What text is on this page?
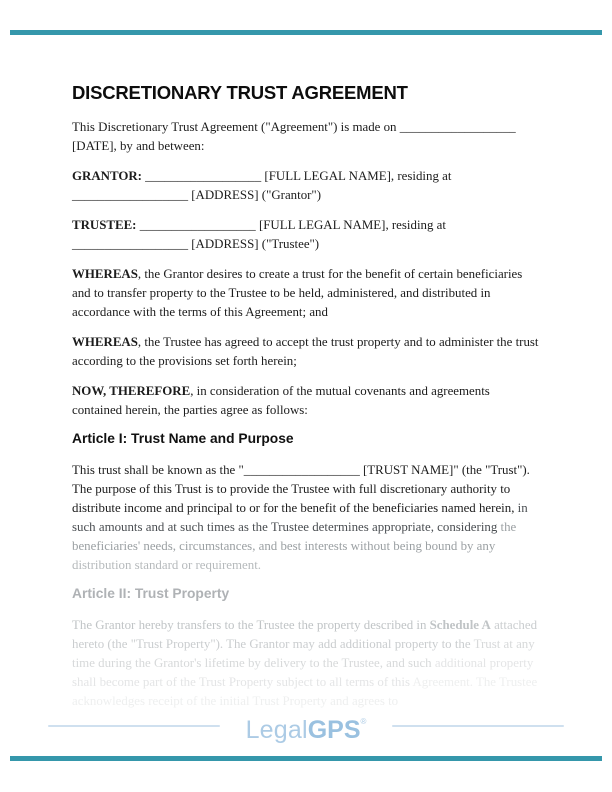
DISCRETIONARY TRUST AGREEMENT

This Discretionary Trust Agreement ("Agreement") is made on __________________ [DATE], by and between:

GRANTOR: __________________ [FULL LEGAL NAME], residing at __________________ [ADDRESS] ("Grantor")

TRUSTEE: __________________ [FULL LEGAL NAME], residing at __________________ [ADDRESS] ("Trustee")

WHEREAS, the Grantor desires to create a trust for the benefit of certain beneficiaries and to transfer property to the Trustee to be held, administered, and distributed in accordance with the terms of this Agreement; and

WHEREAS, the Trustee has agreed to accept the trust property and to administer the trust according to the provisions set forth herein;

NOW, THEREFORE, in consideration of the mutual covenants and agreements contained herein, the parties agree as follows:

Article I: Trust Name and Purpose

This trust shall be known as the "__________________ [TRUST NAME]" (the "Trust"). The purpose of this Trust is to provide the Trustee with full discretionary authority to distribute income and principal to or for the benefit of the beneficiaries named herein, in such amounts and at such times as the Trustee determines appropriate, considering the beneficiaries' needs, circumstances, and best interests without being bound by any distribution standard or requirement.

Article II: Trust Property

The Grantor hereby transfers to the Trustee the property described in Schedule A attached hereto (the "Trust Property"). The Grantor may add additional property to the Trust at any time during the Grantor's lifetime by delivery to the Trustee, and such additional property shall become part of the Trust Property subject to all terms of this Agreement. The Trustee acknowledges receipt of the initial Trust Property and agrees to

LegalGPS®
